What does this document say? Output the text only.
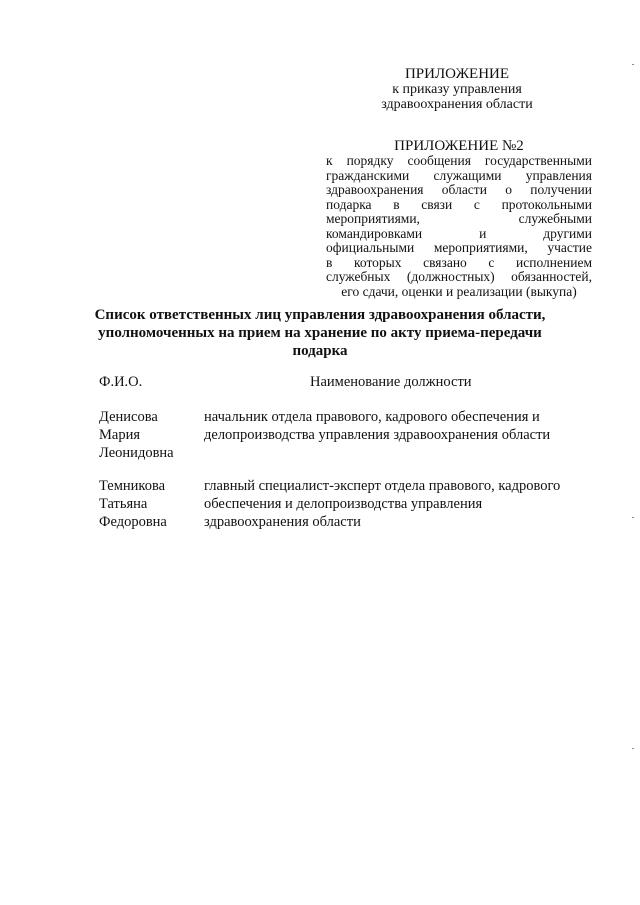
ПРИЛОЖЕНИЕ
к приказу управления
здравоохранения области
ПРИЛОЖЕНИЕ №2
к порядку сообщения государственными
гражданскими служащими управления
здравоохранения области о получении
подарка в связи с протокольными
мероприятиями, служебными
командировками и другими
официальными мероприятиями, участие
в которых связано с исполнением
служебных (должностных) обязанностей,
его сдачи, оценки и реализации (выкупа)
Список ответственных лиц управления здравоохранения области,
уполномоченных на прием на хранение по акту приема-передачи
подарка
Ф.И.О.	Наименование должности
Денисова
Мария
Леонидовна
начальник отдела правового, кадрового обеспечения и
делопроизводства управления здравоохранения области
Темникова
Татьяна
Федоровна
главный специалист-эксперт отдела правового, кадрового
обеспечения и делопроизводства управления
здравоохранения области
